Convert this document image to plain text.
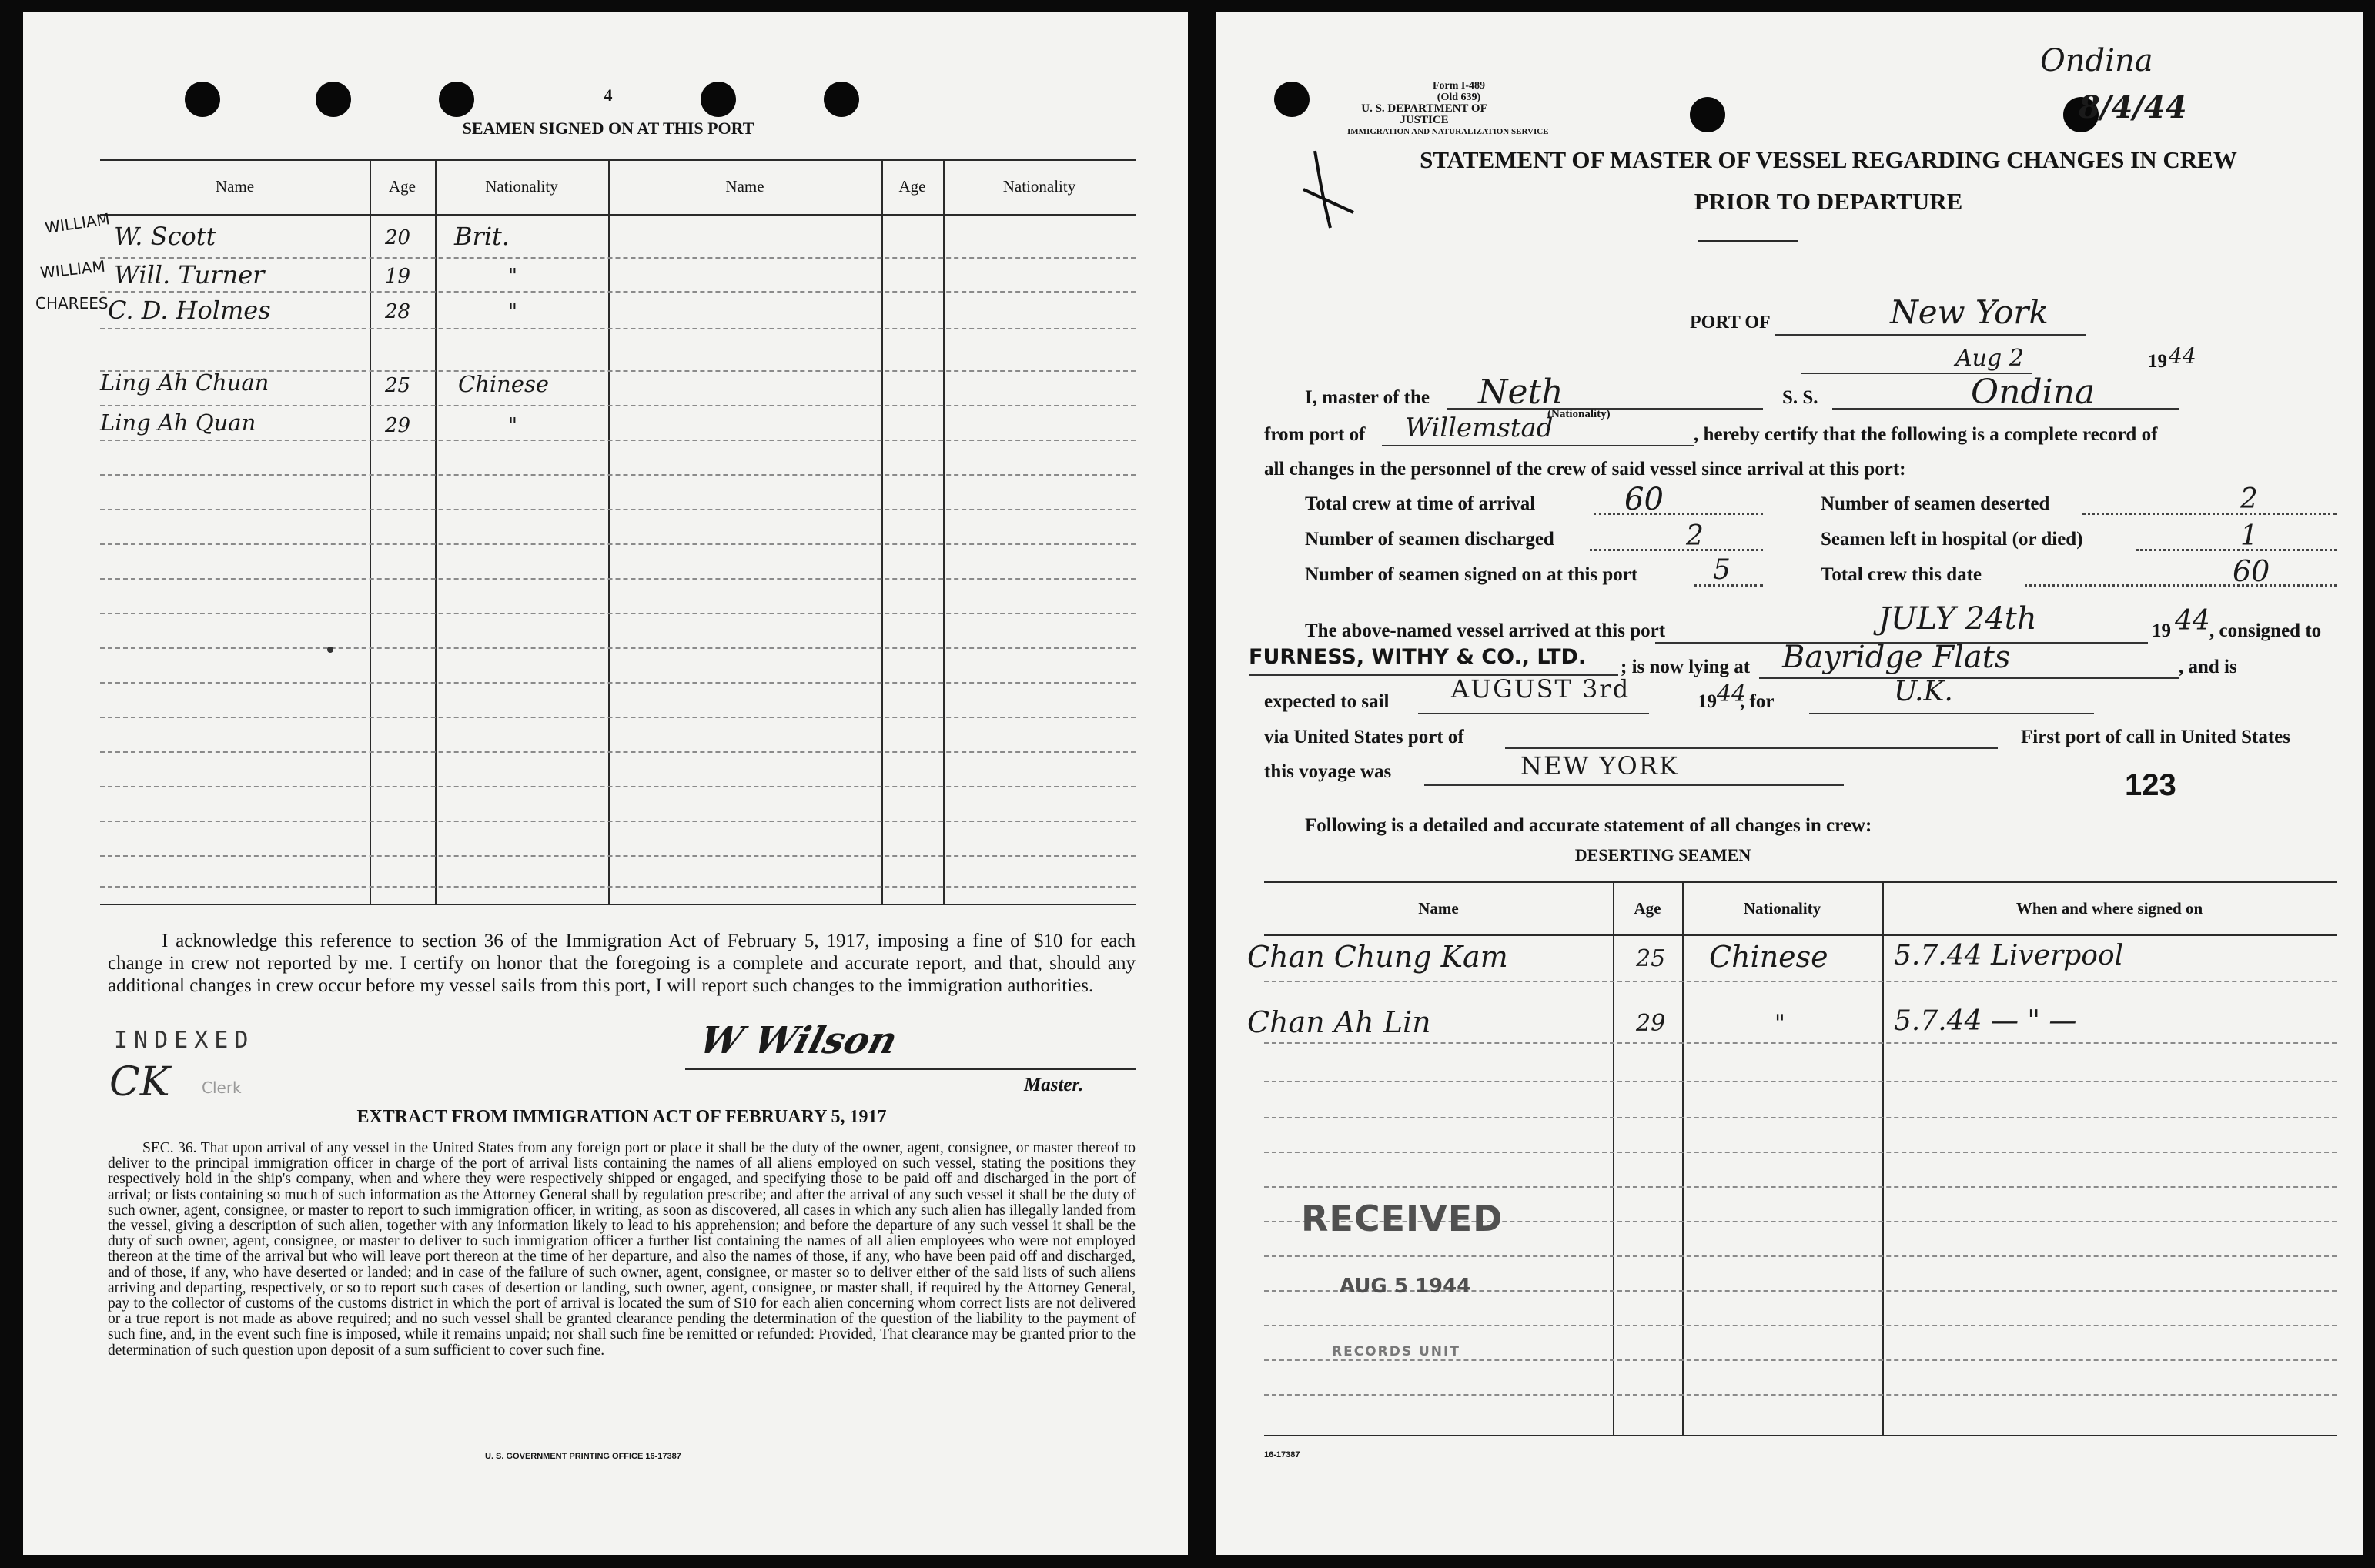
4
SEAMEN SIGNED ON AT THIS PORT
Name	Age	Nationality	Name	Age	Nationality
WILLIAM
WILLIAM
CHAREES
W. Scott	20 Brit.
Will. Turner	19	"
C. D. Holmes	28	"
Ling Ah Chuan	25 Chinese
Ling Ah Quan	29	"
I acknowledge this reference to section 36 of the Immigration Act of February 5, 1917, imposing a fine of $10 for each change in crew not reported by me. I certify on honor that the foregoing is a complete and accurate report, and that, should any additional changes in crew occur before my vessel sails from this port, I will report such changes to the immigration authorities.
INDEXED
CK Clerk
W Wilson
Master.
EXTRACT FROM IMMIGRATION ACT OF FEBRUARY 5, 1917
SEC. 36. That upon arrival of any vessel in the United States from any foreign port or place it shall be the duty of the owner, agent, consignee, or master thereof to deliver to the principal immigration officer in charge of the port of arrival lists containing the names of all aliens employed on such vessel, stating the positions they respectively hold in the ship's company, when and where they were respectively shipped or engaged, and specifying those to be paid off and discharged in the port of arrival; or lists containing so much of such information as the Attorney General shall by regulation prescribe; and after the arrival of any such vessel it shall be the duty of such owner, agent, consignee, or master to report to such immigration officer, in writing, as soon as discovered, all cases in which any such alien has illegally landed from the vessel, giving a description of such alien, together with any information likely to lead to his apprehension; and before the departure of any such vessel it shall be the duty of such owner, agent, consignee, or master to deliver to such immigration officer a further list containing the names of all alien employees who were not employed thereon at the time of the arrival but who will leave port thereon at the time of her departure, and also the names of those, if any, who have been paid off and discharged, and of those, if any, who have deserted or landed; and in case of the failure of such owner, agent, consignee, or master so to deliver either of the said lists of such aliens arriving and departing, respectively, or so to report such cases of desertion or landing, such owner, agent, consignee, or master shall, if required by the Attorney General, pay to the collector of customs of the customs district in which the port of arrival is located the sum of $10 for each alien concerning whom correct lists are not delivered or a true report is not made as above required; and no such vessel shall be granted clearance pending the determination of the question of the liability to the payment of such fine, and, in the event such fine is imposed, while it remains unpaid; nor shall such fine be remitted or refunded: Provided, That clearance may be granted prior to the determination of such question upon deposit of a sum sufficient to cover such fine.
U. S. GOVERNMENT PRINTING OFFICE 16-17387
Form I-489
(Old 639)
U. S. DEPARTMENT OF JUSTICE
IMMIGRATION AND NATURALIZATION SERVICE
Ondina
8/4/44
STATEMENT OF MASTER OF VESSEL REGARDING CHANGES IN CREW
PRIOR TO DEPARTURE
PORT OF	New York
Aug 2	19 44
I, master of the Neth
(Nationality)
S. S.	Ondina
from port of Willemstad	, hereby certify that the following is a complete record of
all changes in the personnel of the crew of said vessel since arrival at this port:
Total crew at time of arrival	60	Number of seamen deserted	2
Number of seamen discharged	2	Seamen left in hospital (or died)	1
Number of seamen signed on at this port	5	Total crew this date	60
The above-named vessel arrived at this port	JULY 24th	19 44 , consigned to
FURNESS, WITHY & CO., LTD. ; is now lying at Bayridge Flats	, and is
expected to sail	AUGUST 3rd	19 44
, for	U.K.
via United States port of	First port of call in United States
this voyage was	NEW YORK
123
Following is a detailed and accurate statement of all changes in crew:
DESERTING SEAMEN
Name	Age	Nationality	When and where signed on
Chan Chung Kam	25 Chinese 5.7.44 Liverpool
Chan Ah Lin	29	"	5.7.44 — " —
RECEIVED
AUG 5 1944
RECORDS UNIT
16-17387
